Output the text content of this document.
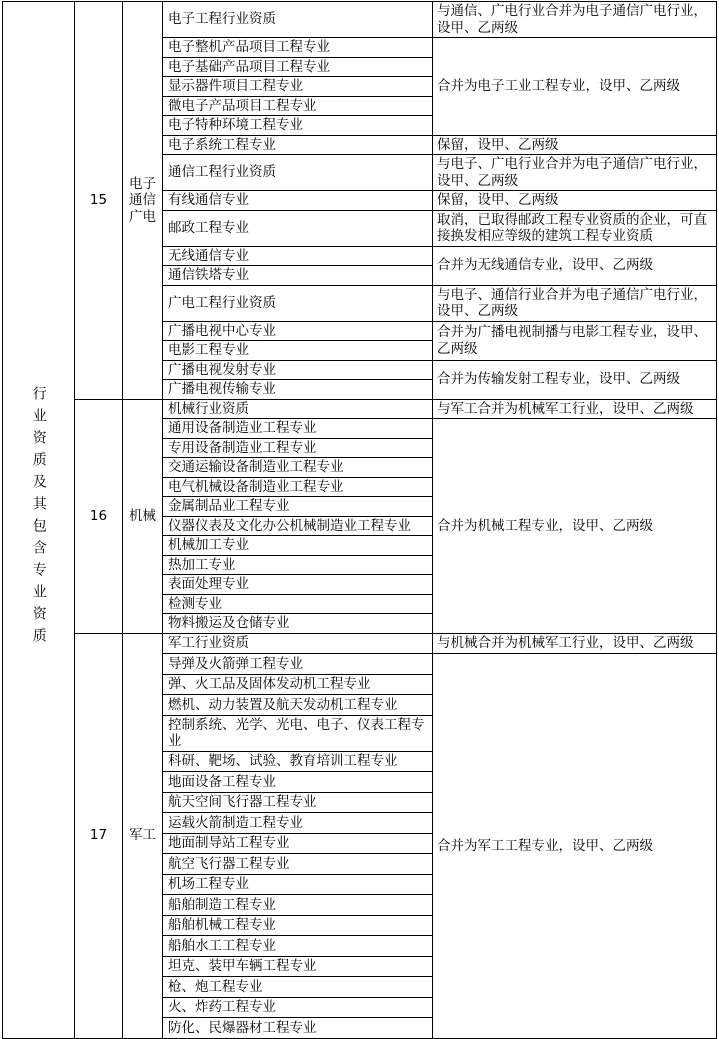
行业资质及其包含专业资质	15	电子通信广电	电子工程行业资质	与通信、广电行业合并为电子通信广电行业，设甲、乙两级
			电子整机产品项目工程专业	合并为电子工业工程专业，设甲、乙两级
			电子基础产品项目工程专业	
			显示器件项目工程专业	
			微电子产品项目工程专业	
			电子特种环境工程专业	
			电子系统工程专业	保留，设甲、乙两级
			通信工程行业资质	与电子、广电行业合并为电子通信广电行业，设甲、乙两级
			有线通信专业	保留，设甲、乙两级
			邮政工程专业	取消，已取得邮政工程专业资质的企业，可直接换发相应等级的建筑工程专业资质
			无线通信专业	合并为无线通信专业，设甲、乙两级
			通信铁塔专业	
			广电工程行业资质	与电子、通信行业合并为电子通信广电行业，设甲、乙两级
			广播电视中心专业	合并为广播电视制播与电影工程专业，设甲、乙两级
			电影工程专业	
			广播电视发射专业	合并为传输发射工程专业，设甲、乙两级
			广播电视传输专业	
	16	机械	机械行业资质	与军工合并为机械军工行业，设甲、乙两级
			通用设备制造业工程专业	合并为机械工程专业，设甲、乙两级
			专用设备制造业工程专业	
			交通运输设备制造业工程专业	
			电气机械设备制造业工程专业	
			金属制品业工程专业	
			仪器仪表及文化办公机械制造业工程专业	
			机械加工专业	
			热加工专业	
			表面处理专业	
			检测专业	
			物料搬运及仓储专业	
	17	军工	军工行业资质	与机械合并为机械军工行业，设甲、乙两级
			导弹及火箭弹工程专业	合并为军工工程专业，设甲、乙两级
			弹、火工品及固体发动机工程专业	
			燃机、动力装置及航天发动机工程专业	
			控制系统、光学、光电、电子、仪表工程专业	
			科研、靶场、试验、教育培训工程专业	
			地面设备工程专业	
			航天空间飞行器工程专业	
			运载火箭制造工程专业	
			地面制导站工程专业	
			航空飞行器工程专业	
			机场工程专业	
			船舶制造工程专业	
			船舶机械工程专业	
			船舶水工工程专业	
			坦克、装甲车辆工程专业	
			枪、炮工程专业	
			火、炸药工程专业	
			防化、民爆器材工程专业	
